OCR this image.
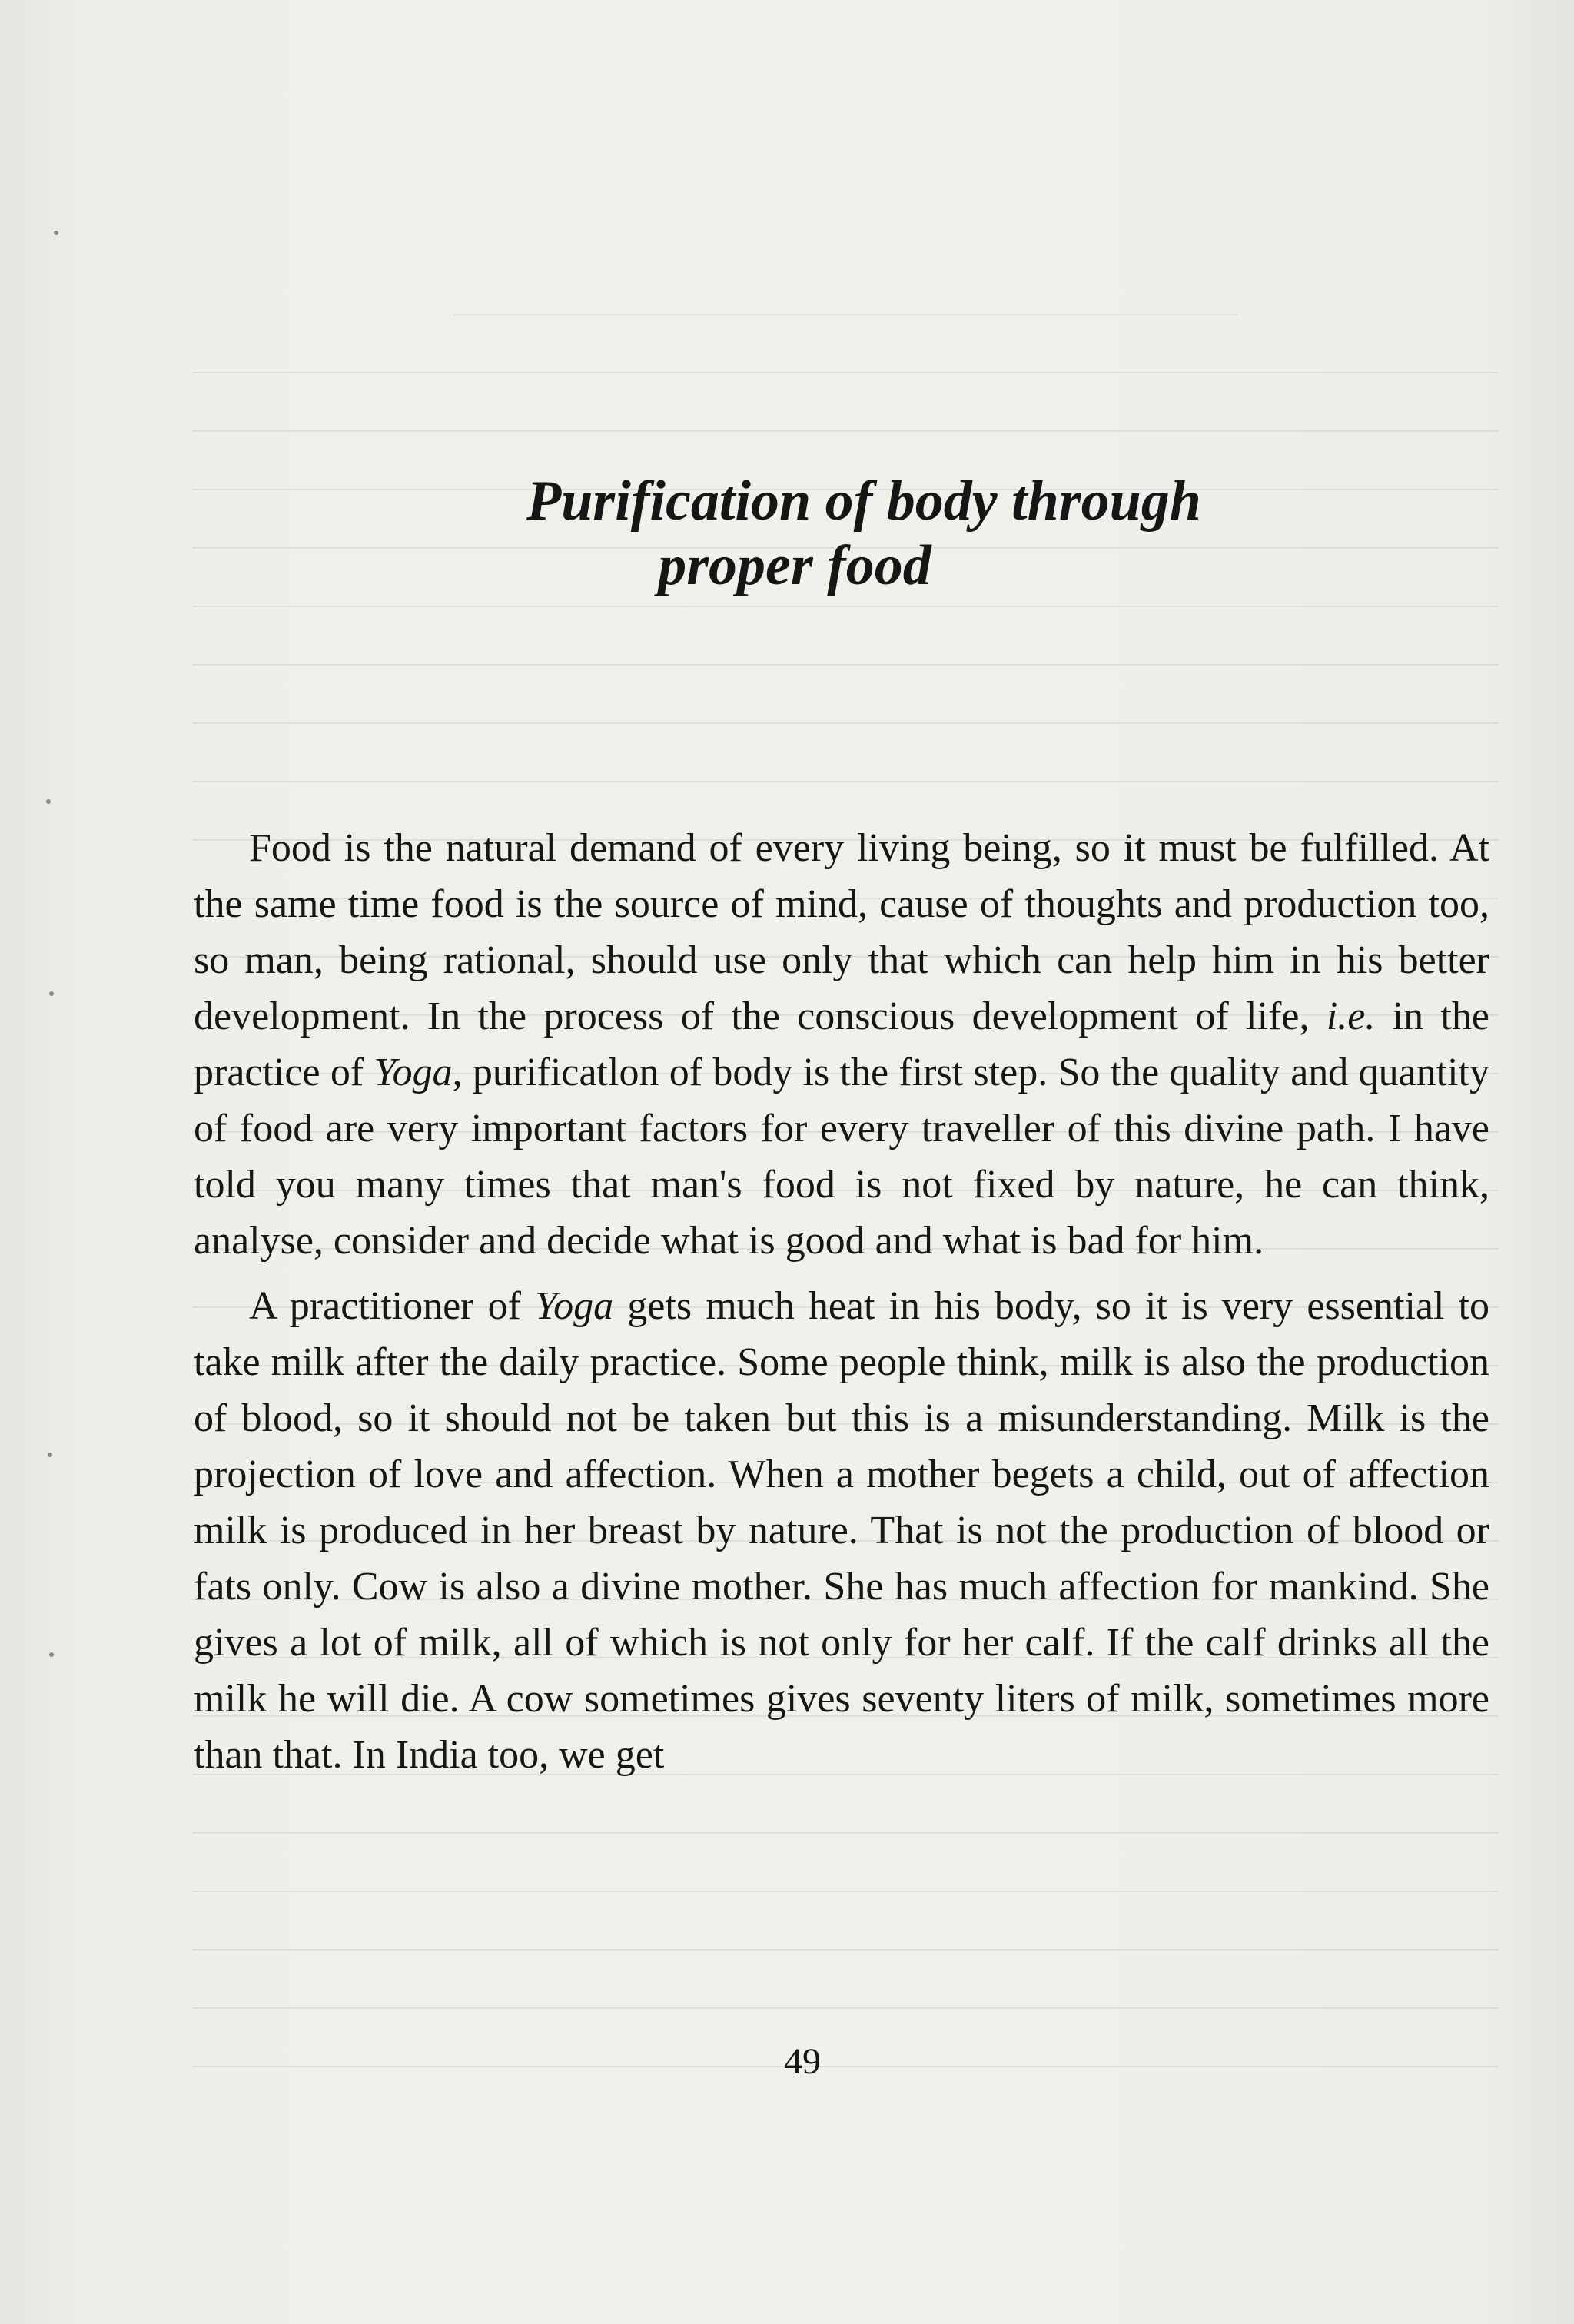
Purification of body through
proper food

Food is the natural demand of every living being, so it must be fulfilled. At the same time food is the source of mind, cause of thoughts and production too, so man, being rational, should use only that which can help him in his better development. In the process of the conscious development of life, i.e. in the practice of Yoga, purificatlon of body is the first step. So the quality and quantity of food are very important factors for every traveller of this divine path. I have told you many times that man's food is not fixed by nature, he can think, analyse, consider and decide what is good and what is bad for him.

A practitioner of Yoga gets much heat in his body, so it is very essential to take milk after the daily practice. Some people think, milk is also the production of blood, so it should not be taken but this is a misunderstanding. Milk is the projection of love and affection. When a mother begets a child, out of affection milk is produced in her breast by nature. That is not the production of blood or fats only. Cow is also a divine mother. She has much affection for mankind. She gives a lot of milk, all of which is not only for her calf. If the calf drinks all the milk he will die. A cow sometimes gives seventy liters of milk, sometimes more than that. In India too, we get

49
